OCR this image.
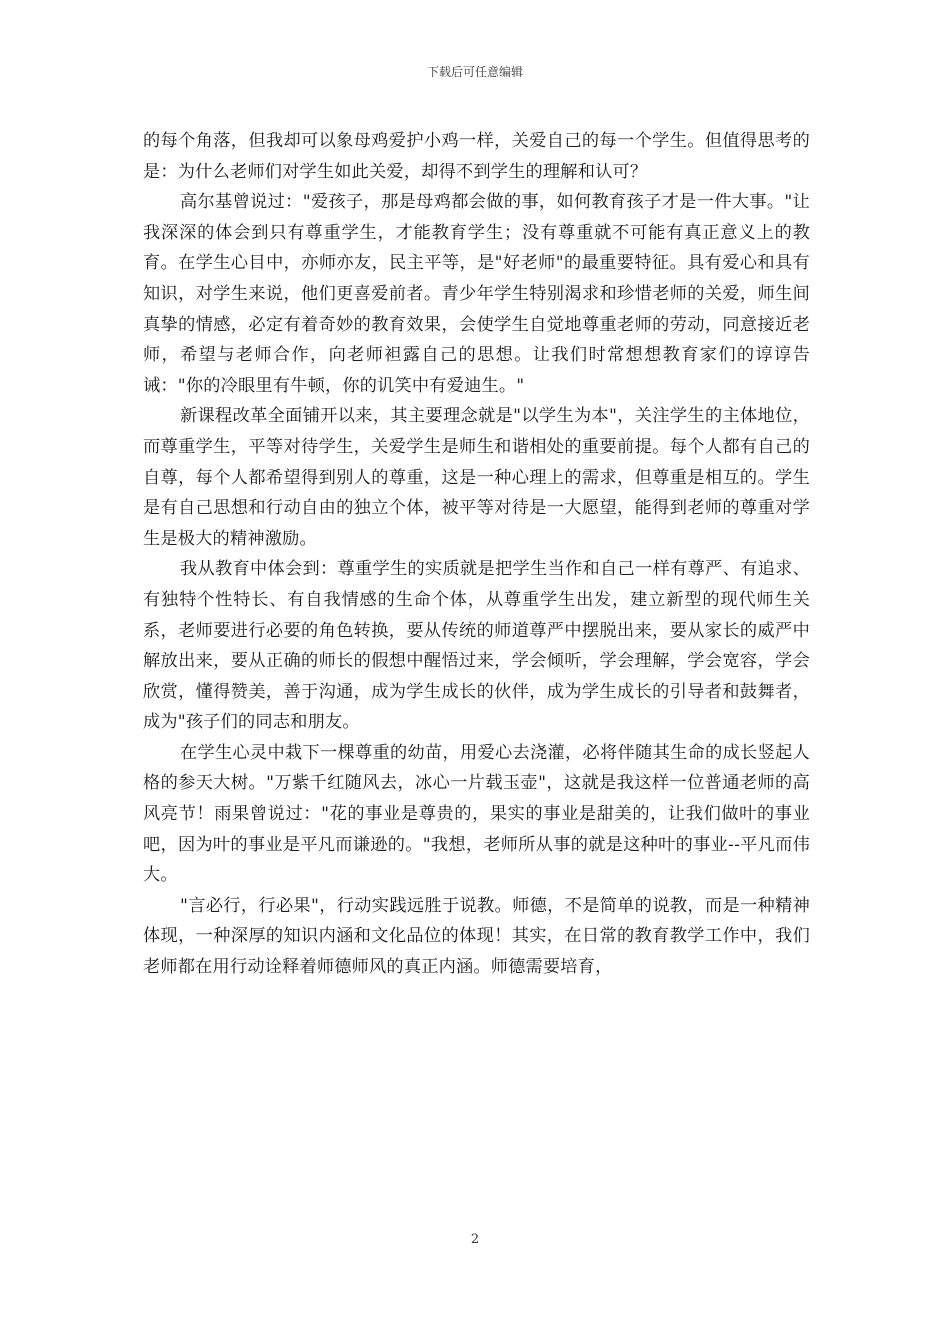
下载后可任意编辑

的每个角落，但我却可以象母鸡爱护小鸡一样，关爱自己的每一个学生。但值得思考的是：为什么老师们对学生如此关爱，却得不到学生的理解和认可？

高尔基曾说过："爱孩子，那是母鸡都会做的事，如何教育孩子才是一件大事。"让我深深的体会到只有尊重学生，才能教育学生；没有尊重就不可能有真正意义上的教育。在学生心目中，亦师亦友，民主平等，是"好老师"的最重要特征。具有爱心和具有知识，对学生来说，他们更喜爱前者。青少年学生特别渴求和珍惜老师的关爱，师生间真挚的情感，必定有着奇妙的教育效果，会使学生自觉地尊重老师的劳动，同意接近老师，希望与老师合作，向老师袒露自己的思想。让我们时常想想教育家们的谆谆告诫："你的冷眼里有牛顿，你的讥笑中有爱迪生。"

新课程改革全面铺开以来，其主要理念就是"以学生为本"，关注学生的主体地位，而尊重学生，平等对待学生，关爱学生是师生和谐相处的重要前提。每个人都有自己的自尊，每个人都希望得到别人的尊重，这是一种心理上的需求，但尊重是相互的。学生是有自己思想和行动自由的独立个体，被平等对待是一大愿望，能得到老师的尊重对学生是极大的精神激励。

我从教育中体会到：尊重学生的实质就是把学生当作和自己一样有尊严、有追求、有独特个性特长、有自我情感的生命个体，从尊重学生出发，建立新型的现代师生关系，老师要进行必要的角色转换，要从传统的师道尊严中摆脱出来，要从家长的威严中解放出来，要从正确的师长的假想中醒悟过来，学会倾听，学会理解，学会宽容，学会欣赏，懂得赞美，善于沟通，成为学生成长的伙伴，成为学生成长的引导者和鼓舞者，成为"孩子们的同志和朋友。

在学生心灵中栽下一棵尊重的幼苗，用爱心去浇灌，必将伴随其生命的成长竖起人格的参天大树。"万紫千红随风去，冰心一片载玉壶"，这就是我这样一位普通老师的高风亮节！雨果曾说过："花的事业是尊贵的，果实的事业是甜美的，让我们做叶的事业吧，因为叶的事业是平凡而谦逊的。"我想，老师所从事的就是这种叶的事业--平凡而伟大。

"言必行，行必果"，行动实践远胜于说教。师德，不是简单的说教，而是一种精神体现，一种深厚的知识内涵和文化品位的体现！其实，在日常的教育教学工作中，我们老师都在用行动诠释着师德师风的真正内涵。师德需要培育，

2
